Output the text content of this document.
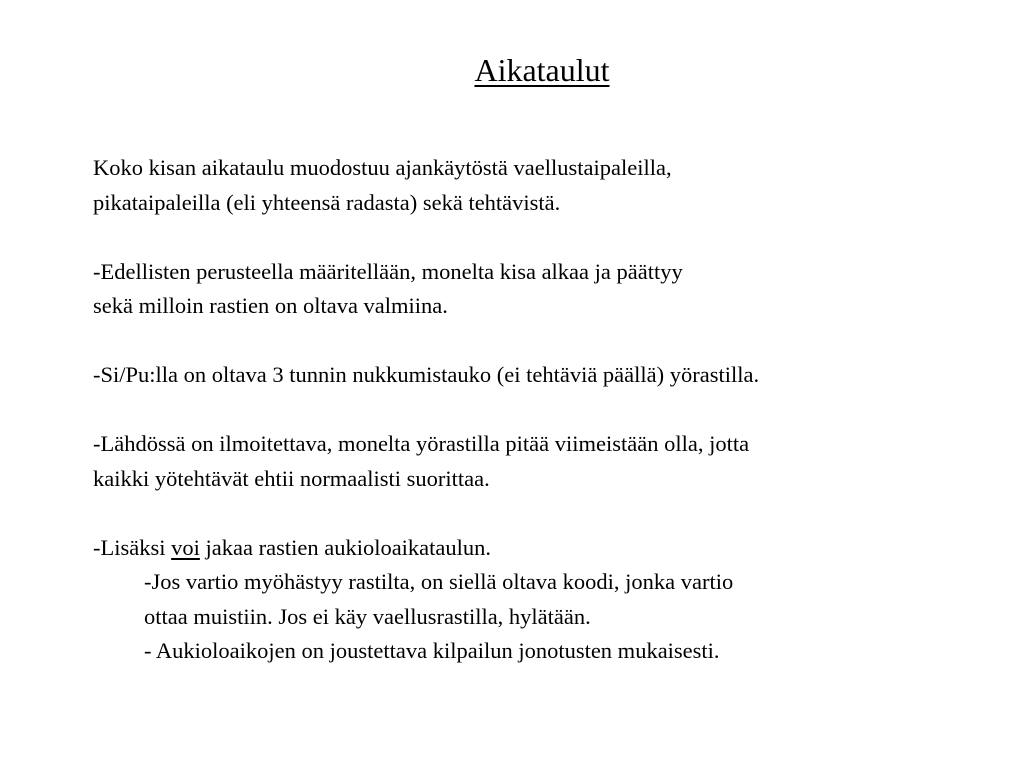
Aikataulut
Koko kisan aikataulu muodostuu ajankäytöstä vaellustaipaleilla,
pikataipaleilla (eli yhteensä radasta) sekä tehtävistä.
-Edellisten perusteella määritellään, monelta kisa alkaa ja päättyy
sekä milloin rastien on oltava valmiina.
-Si/Pu:lla on oltava 3 tunnin nukkumistauko (ei tehtäviä päällä) yörastilla.
-Lähdössä on ilmoitettava, monelta yörastilla pitää viimeistään olla, jotta
kaikki yötehtävät ehtii normaalisti suorittaa.
-Lisäksi voi jakaa rastien aukioloaikataulun.
-Jos vartio myöhästyy rastilta, on siellä oltava koodi, jonka vartio
ottaa muistiin. Jos ei käy vaellusrastilla, hylätään.
- Aukioloaikojen on joustettava kilpailun jonotusten mukaisesti.
